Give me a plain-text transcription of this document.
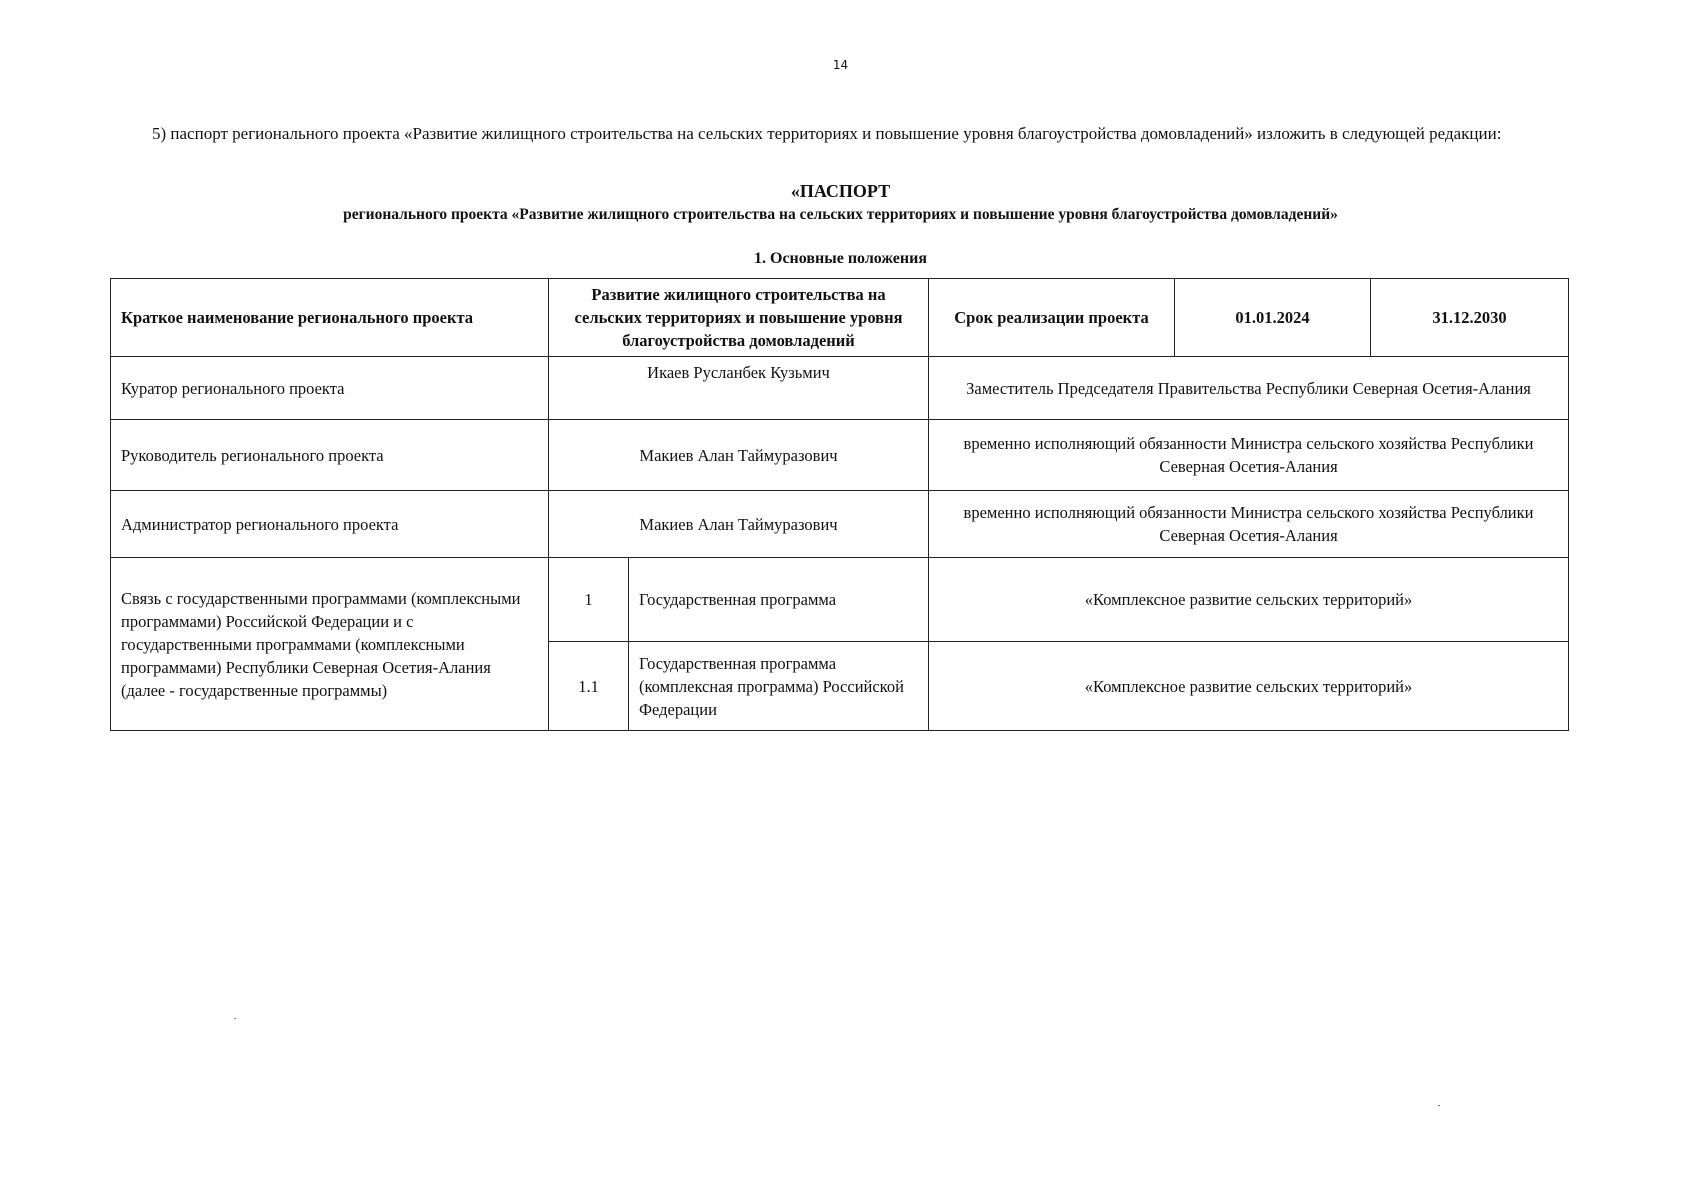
14
5) паспорт регионального проекта «Развитие жилищного строительства на сельских территориях и повышение уровня благоустройства домовладений» изложить в следующей редакции:
«ПАСПОРТ
регионального проекта «Развитие жилищного строительства на сельских территориях и повышение уровня благоустройства домовладений»
1. Основные положения
Краткое наименование регионального проекта	Развитие жилищного строительства на сельских территориях и повышение уровня благоустройства домовладений		Срок реализации проекта	01.01.2024	31.12.2030
Куратор регионального проекта	Икаев Русланбек Кузьмич		Заместитель Председателя Правительства Республики Северная Осетия-Алания		
Руководитель регионального проекта	Макиев Алан Таймуразович		временно исполняющий обязанности Министра сельского хозяйства Республики Северная Осетия-Алания		
Администратор регионального проекта	Макиев Алан Таймуразович		временно исполняющий обязанности Министра сельского хозяйства Республики Северная Осетия-Алания		
Связь с государственными программами (комплексными программами) Российской Федерации и с государственными программами (комплексными программами) Республики Северная Осетия-Алания (далее - государственные программы)	1	Государственная программа	«Комплексное развитие сельских территорий»		
	1.1	Государственная программа (комплексная программа) Российской Федерации	«Комплексное развитие сельских территорий»		
